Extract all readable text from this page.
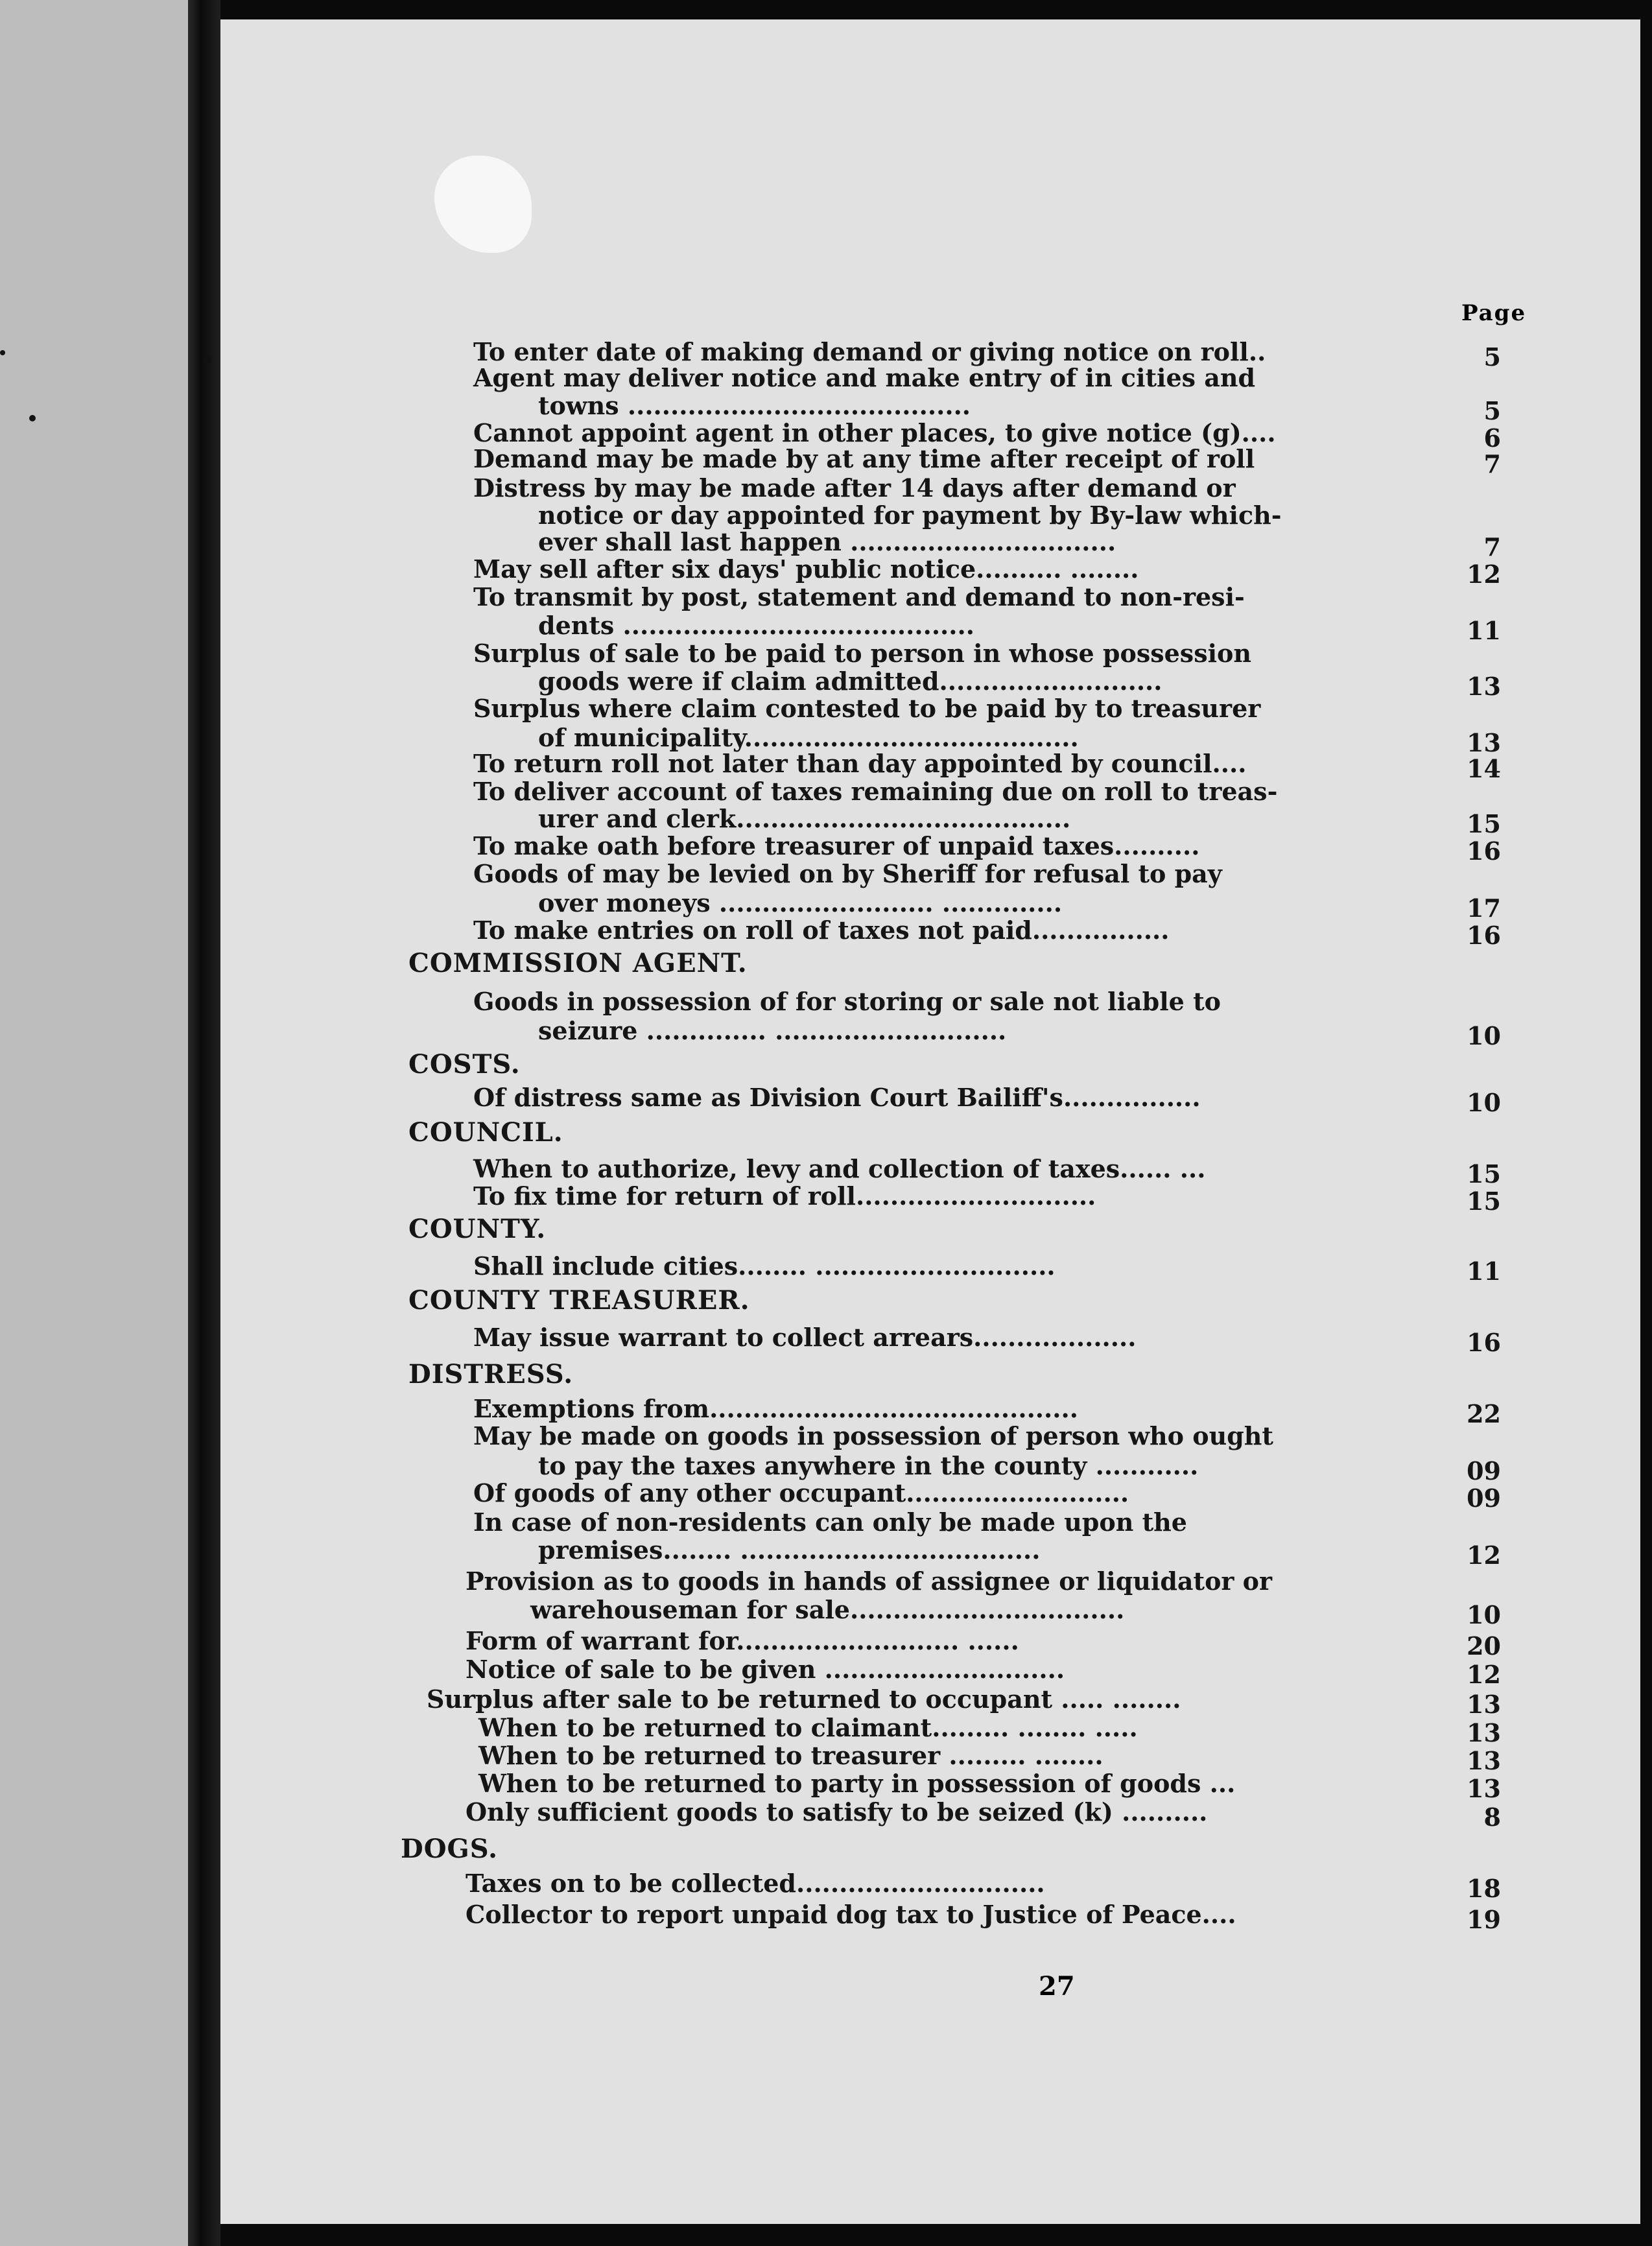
Page
To enter date of making demand or giving notice on roll..	5
Agent may deliver notice and make entry of in cities and
towns ........................................	5
Cannot appoint agent in other places, to give notice (g)....	6
Demand may be made by at any time after receipt of roll	7
Distress by may be made after 14 days after demand or
notice or day appointed for payment by By-law which-
ever shall last happen ...............................	7
May sell after six days' public notice.......... ........	12
To transmit by post, statement and demand to non-resi-
dents .........................................	11
Surplus of sale to be paid to person in whose possession
goods were if claim admitted..........................	13
Surplus where claim contested to be paid by to treasurer
of municipality.......................................	13
To return roll not later than day appointed by council....	14
To deliver account of taxes remaining due on roll to treas-
urer and clerk.......................................	15
To make oath before treasurer of unpaid taxes..........	16
Goods of may be levied on by Sheriff for refusal to pay
over moneys ......................... ..............	17
To make entries on roll of taxes not paid................	16
COMMISSION AGENT.
Goods in possession of for storing or sale not liable to
seizure .............. ...........................	10
COSTS.
Of distress same as Division Court Bailiff's................	10
COUNCIL.
When to authorize, levy and collection of taxes...... ...	15
To fix time for return of roll............................	15
COUNTY.
Shall include cities........ ............................	11
COUNTY TREASURER.
May issue warrant to collect arrears...................	16
DISTRESS.
Exemptions from...........................................	22
May be made on goods in possession of person who ought
to pay the taxes anywhere in the county ............	09
Of goods of any other occupant..........................	09
In case of non-residents can only be made upon the
premises........ ...................................	12
Provision as to goods in hands of assignee or liquidator or
warehouseman for sale................................	10
Form of warrant for.......................... ......	20
Notice of sale to be given ............................	12
Surplus after sale to be returned to occupant ..... ........	13
When to be returned to claimant......... ........ .....	13
When to be returned to treasurer ......... ........	13
When to be returned to party in possession of goods ...	13
Only sufficient goods to satisfy to be seized (k) ..........	8
DOGS.
Taxes on to be collected.............................	18
Collector to report unpaid dog tax to Justice of Peace....	19
27
